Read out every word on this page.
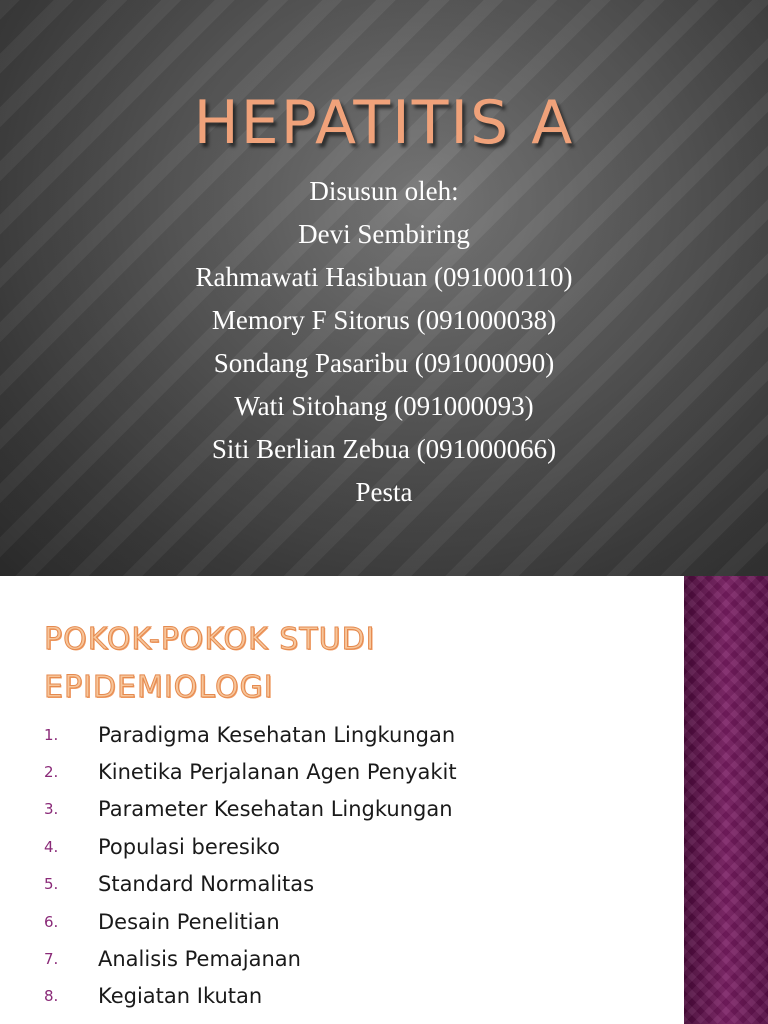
HEPATITIS A
Disusun oleh:
Devi Sembiring
Rahmawati Hasibuan (091000110)
Memory F Sitorus (091000038)
Sondang Pasaribu (091000090)
Wati Sitohang (091000093)
Siti Berlian Zebua (091000066)
Pesta
POKOK-POKOK STUDI
EPIDEMIOLOGI
1.	Paradigma Kesehatan Lingkungan
2.	Kinetika Perjalanan Agen Penyakit
3.	Parameter Kesehatan Lingkungan
4.	Populasi beresiko
5.	Standard Normalitas
6.	Desain Penelitian
7.	Analisis Pemajanan
8.	Kegiatan Ikutan
